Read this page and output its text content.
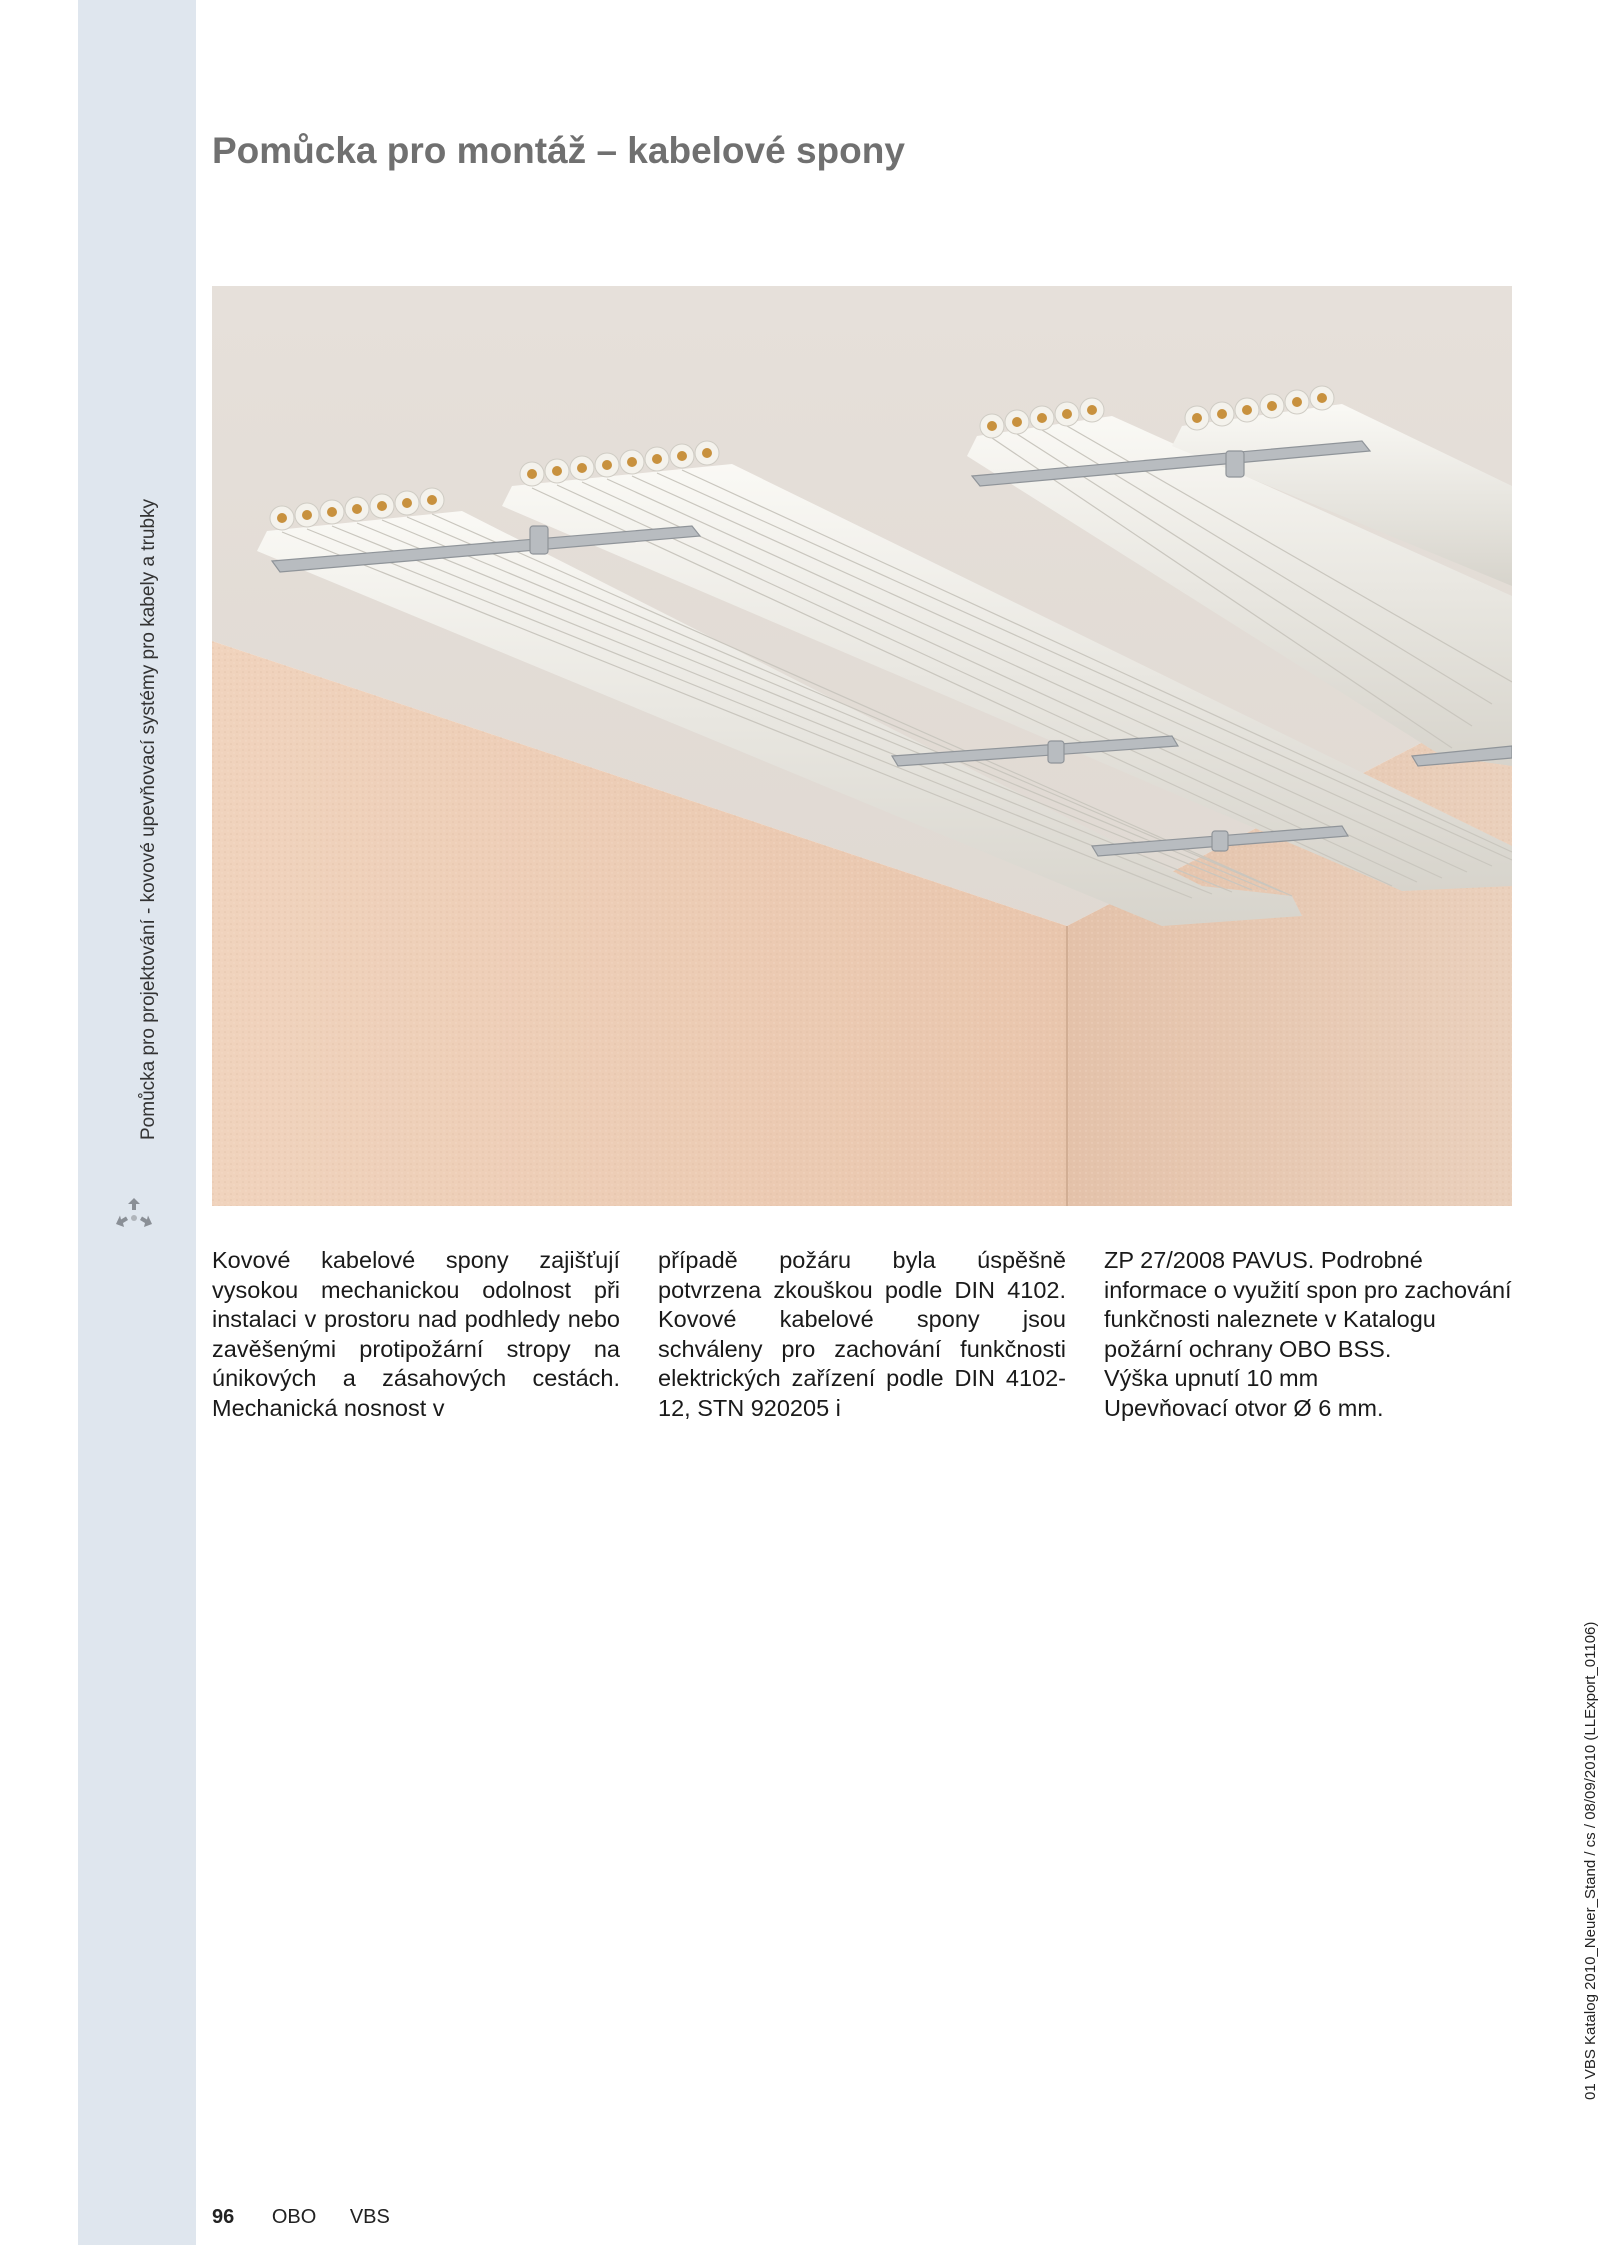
Pomůcka pro projektování - kovové upevňovací systémy pro kabely a trubky
Pomůcka pro montáž – kabelové spony

Kovové kabelové spony zajišťují vysokou mechanickou odolnost při instalaci v prostoru nad podhledy nebo zavěšenými protipožární stropy na únikových a zásahových cestách. Mechanická nosnost v

případě požáru byla úspěšně potvrzena zkouškou podle DIN 4102. Kovové kabelové spony jsou schváleny pro zachování funkčnosti elektrických zařízení podle DIN 4102-12, STN 920205 i

ZP 27/2008 PAVUS. Podrobné informace o využití spon pro zachování funkčnosti naleznete v Katalogu požární ochrany OBO BSS.

Výška upnutí 10 mm

Upevňovací otvor Ø 6 mm.

01 VBS Katalog 2010_Neuer_Stand / cs / 08/09/2010 (LLExport_01106)
96 OBO VBS
